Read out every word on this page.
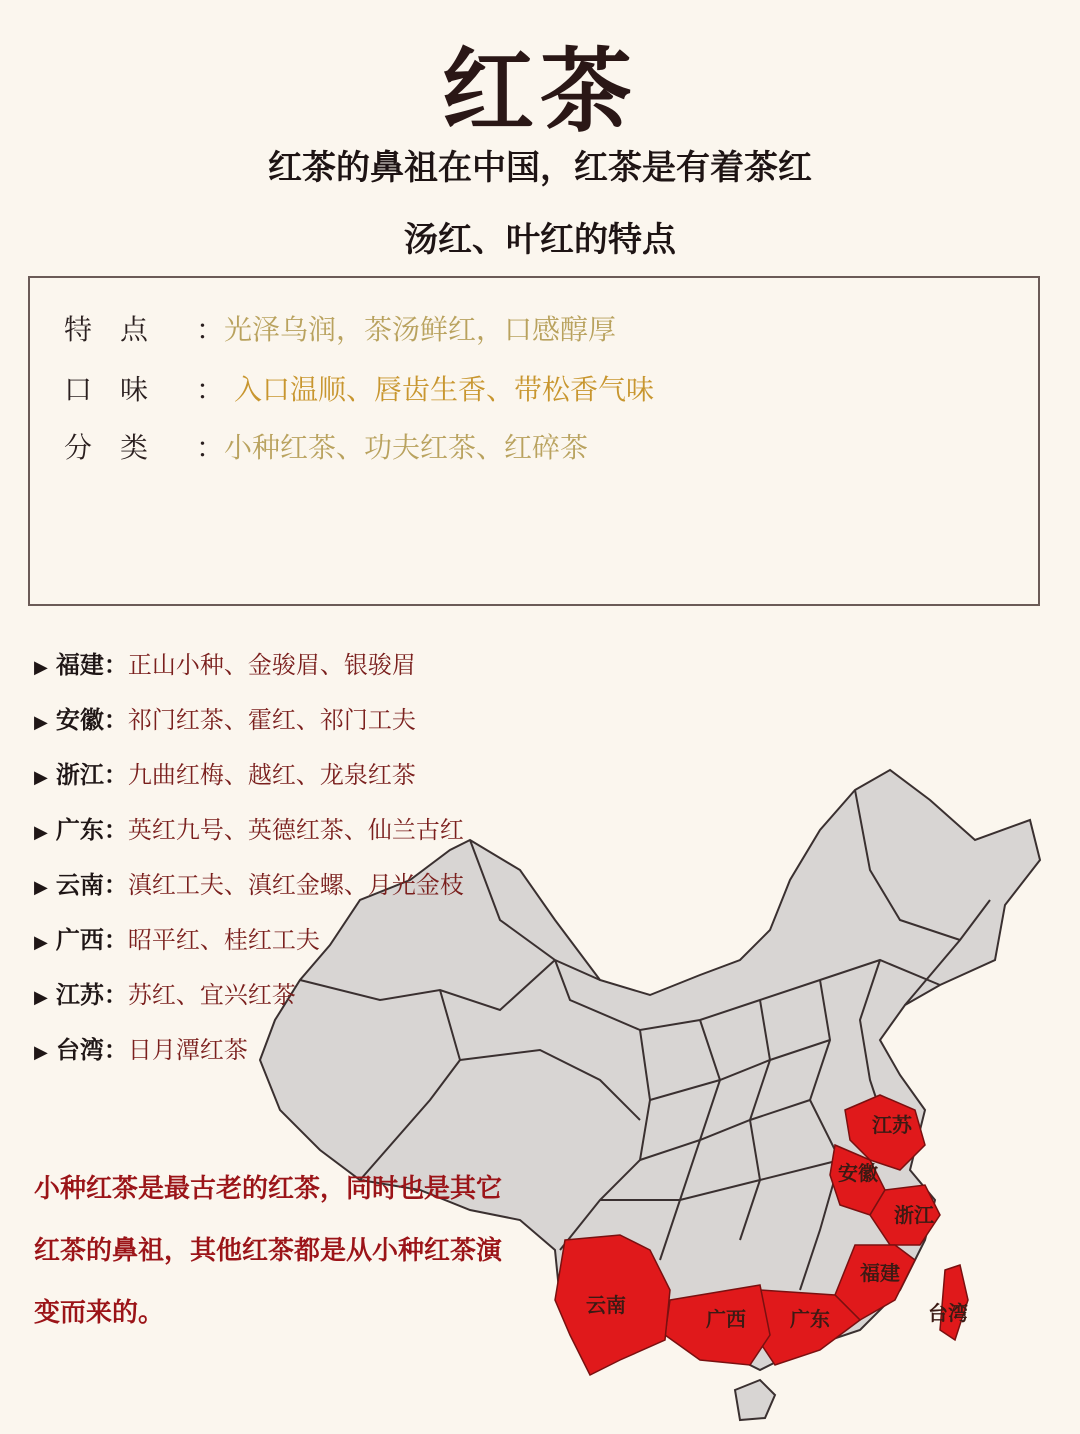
江苏
安徽
浙江
福建
台湾
广东
广西
云南
红茶
红茶的鼻祖在中国，红茶是有着茶红
汤红、叶红的特点
特　点 ：光泽乌润，茶汤鲜红，口感醇厚
口　味 ： 入口温顺、唇齿生香、带松香气味
分　类 ：小种红茶、功夫红茶、红碎茶
▶ 福建：正山小种、金骏眉、银骏眉
▶ 安徽：祁门红茶、霍红、祁门工夫
▶ 浙江：九曲红梅、越红、龙泉红茶
▶ 广东：英红九号、英德红茶、仙兰古红
▶ 云南：滇红工夫、滇红金螺、月光金枝
▶ 广西：昭平红、桂红工夫
▶ 江苏：苏红、宜兴红茶
▶ 台湾：日月潭红茶
小种红茶是最古老的红茶，同时也是其它
红茶的鼻祖，其他红茶都是从小种红茶演
变而来的。
